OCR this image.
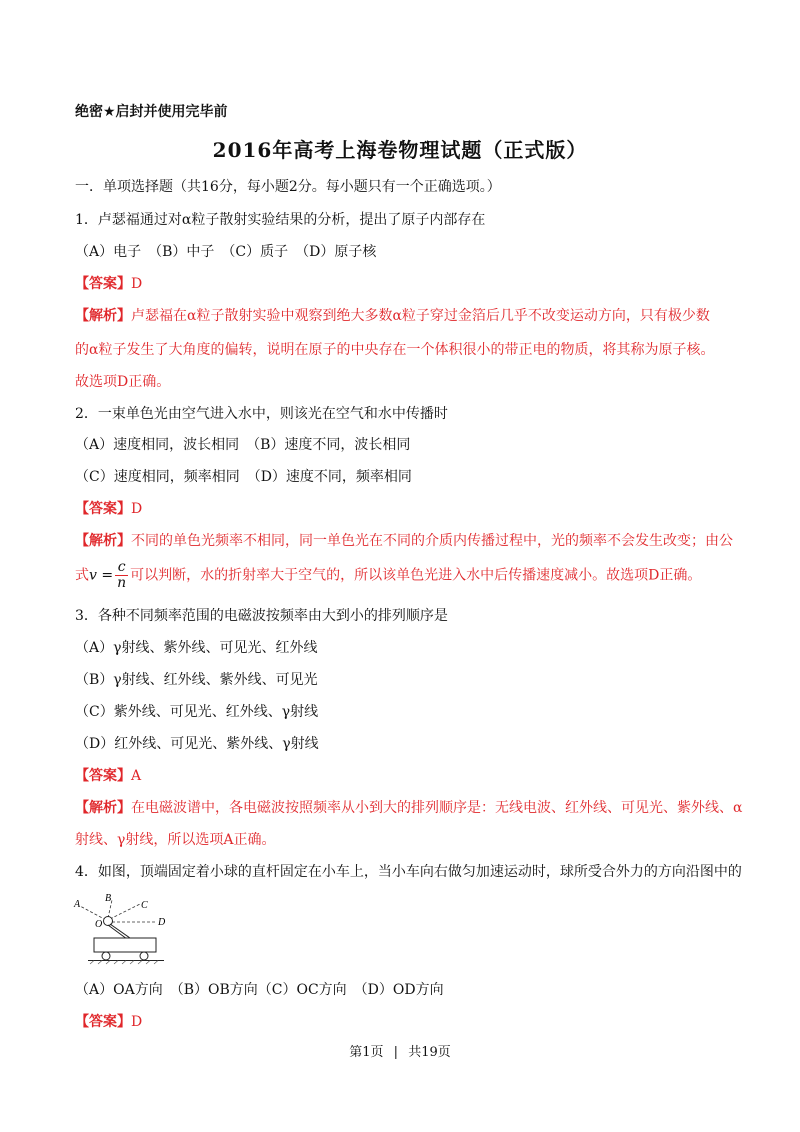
绝密★启封并使用完毕前
2016年高考上海卷物理试题（正式版）
一．单项选择题（共16分，每小题2分。每小题只有一个正确选项。）
1．卢瑟福通过对α粒子散射实验结果的分析，提出了原子内部存在
（A）电子　（B）中子　（C）质子　（D）原子核
【答案】D
【解析】卢瑟福在α粒子散射实验中观察到绝大多数α粒子穿过金箔后几乎不改变运动方向，只有极少数
的α粒子发生了大角度的偏转，说明在原子的中央存在一个体积很小的带正电的物质，将其称为原子核。
故选项D正确。
2．一束单色光由空气进入水中，则该光在空气和水中传播时
（A）速度相同，波长相同　（B）速度不同，波长相同
（C）速度相同，频率相同　（D）速度不同，频率相同
【答案】D
【解析】不同的单色光频率不相同，同一单色光在不同的介质内传播过程中，光的频率不会发生改变；由公
式$v = \frac{c}{n}$ 可以判断，水的折射率大于空气的，所以该单色光进入水中后传播速度减小。故选项D正确。
3．各种不同频率范围的电磁波按频率由大到小的排列顺序是
（A）γ射线、紫外线、可见光、红外线
（B）γ射线、红外线、紫外线、可见光
（C）紫外线、可见光、红外线、γ射线
（D）红外线、可见光、紫外线、γ射线
【答案】A
【解析】在电磁波谱中，各电磁波按照频率从小到大的排列顺序是：无线电波、红外线、可见光、紫外线、α
射线、γ射线，所以选项A正确。
4．如图，顶端固定着小球的直杆固定在小车上，当小车向右做匀加速运动时，球所受合外力的方向沿图中的
A
B
C
D
O
（A）OA方向　（B）OB方向（C）OC方向　（D）OD方向
【答案】D
第1页 | 共19页
